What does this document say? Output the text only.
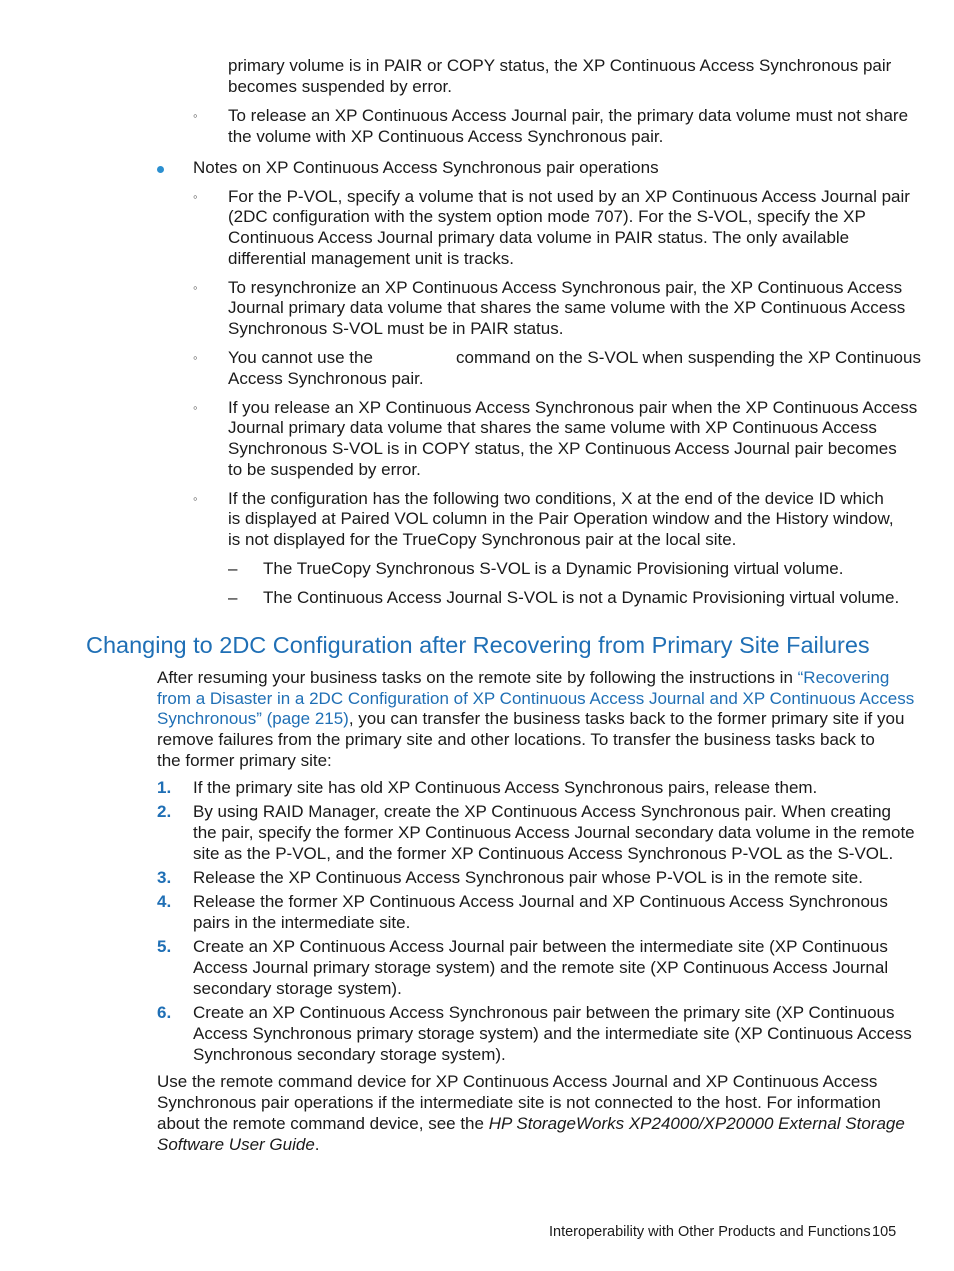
primary volume is in PAIR or COPY status, the XP Continuous Access Synchronous pair
becomes suspended by error.
◦ To release an XP Continuous Access Journal pair, the primary data volume must not share
the volume with XP Continuous Access Synchronous pair.
Notes on XP Continuous Access Synchronous pair operations
◦ For the P-VOL, specify a volume that is not used by an XP Continuous Access Journal pair
(2DC configuration with the system option mode 707). For the S-VOL, specify the XP
Continuous Access Journal primary data volume in PAIR status. The only available
differential management unit is tracks.
◦ To resynchronize an XP Continuous Access Synchronous pair, the XP Continuous Access
Journal primary data volume that shares the same volume with the XP Continuous Access
Synchronous S-VOL must be in PAIR status.
◦ You cannot use the	command on the S-VOL when suspending the XP Continuous
Access Synchronous pair.
◦ If you release an XP Continuous Access Synchronous pair when the XP Continuous Access
Journal primary data volume that shares the same volume with XP Continuous Access
Synchronous S-VOL is in COPY status, the XP Continuous Access Journal pair becomes
to be suspended by error.
◦ If the configuration has the following two conditions, X at the end of the device ID which
is displayed at Paired VOL column in the Pair Operation window and the History window,
is not displayed for the TrueCopy Synchronous pair at the local site.
– The TrueCopy Synchronous S-VOL is a Dynamic Provisioning virtual volume.
– The Continuous Access Journal S-VOL is not a Dynamic Provisioning virtual volume.
Changing to 2DC Configuration after Recovering from Primary Site Failures
After resuming your business tasks on the remote site by following the instructions in “Recovering
from a Disaster in a 2DC Configuration of XP Continuous Access Journal and XP Continuous Access
Synchronous” (page 215), you can transfer the business tasks back to the former primary site if you
remove failures from the primary site and other locations. To transfer the business tasks back to
the former primary site:
1. If the primary site has old XP Continuous Access Synchronous pairs, release them.
2. By using RAID Manager, create the XP Continuous Access Synchronous pair. When creating
the pair, specify the former XP Continuous Access Journal secondary data volume in the remote
site as the P-VOL, and the former XP Continuous Access Synchronous P-VOL as the S-VOL.
3. Release the XP Continuous Access Synchronous pair whose P-VOL is in the remote site.
4. Release the former XP Continuous Access Journal and XP Continuous Access Synchronous
pairs in the intermediate site.
5. Create an XP Continuous Access Journal pair between the intermediate site (XP Continuous
Access Journal primary storage system) and the remote site (XP Continuous Access Journal
secondary storage system).
6. Create an XP Continuous Access Synchronous pair between the primary site (XP Continuous
Access Synchronous primary storage system) and the intermediate site (XP Continuous Access
Synchronous secondary storage system).
Use the remote command device for XP Continuous Access Journal and XP Continuous Access
Synchronous pair operations if the intermediate site is not connected to the host. For information
about the remote command device, see the HP StorageWorks XP24000/XP20000 External Storage
Software User Guide.
Interoperability with Other Products and Functions 105
